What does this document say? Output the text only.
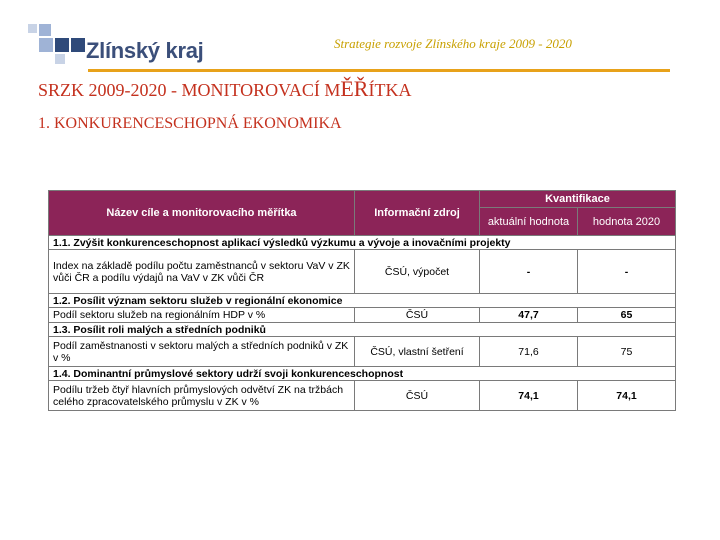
Zlínský kraj	Strategie rozvoje Zlínského kraje 2009 - 2020
SRZK 2009-2020 - MONITOROVACÍ MĚŘÍTKA
1. KONKURENCESCHOPNÁ EKONOMIKA
Název cíle a monitorovacího měřítka	Informační zdroj	Kvantifikace	
		aktuální hodnota	hodnota 2020
1.1. Zvýšit konkurenceschopnost aplikací výsledků výzkumu a vývoje a inovačními projekty			
Index na základě podílu počtu zaměstnanců v sektoru VaV v ZK vůči ČR a podílu výdajů na VaV v ZK vůči ČR	ČSÚ, výpočet	-	-
1.2. Posílit význam sektoru služeb v regionální ekonomice			
Podíl sektoru služeb na regionálním HDP v %	ČSÚ	47,7	65
1.3. Posílit roli malých a středních podniků			
Podíl zaměstnanosti v sektoru malých a středních podniků v ZK v %	ČSÚ, vlastní šetření	71,6	75
1.4. Dominantní průmyslové sektory udrží svoji konkurenceschopnost			
Podílu tržeb čtyř hlavních průmyslových odvětví ZK na tržbách celého zpracovatelského průmyslu v ZK v %	ČSÚ	74,1	74,1
